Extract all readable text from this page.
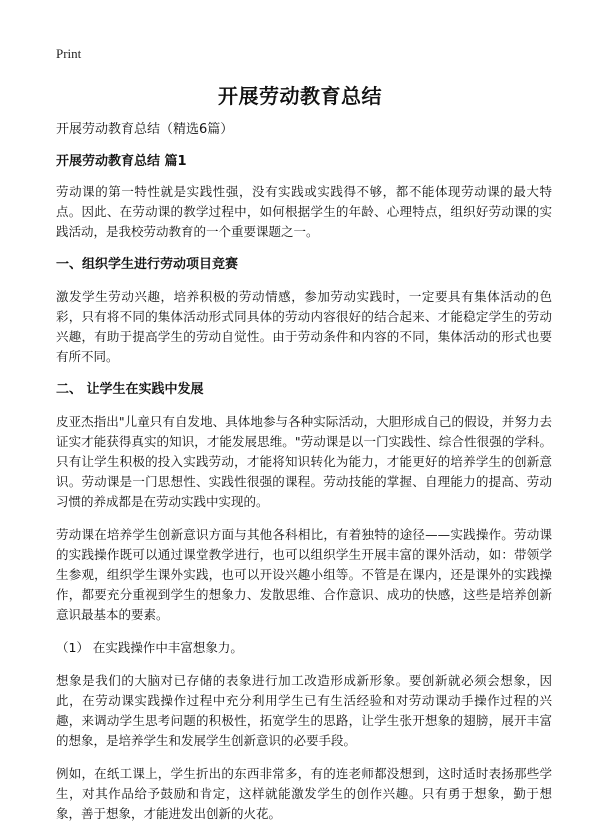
Print
开展劳动教育总结

开展劳动教育总结（精选6篇）

开展劳动教育总结 篇1

劳动课的第一特性就是实践性强，没有实践或实践得不够，都不能体现劳动课的最大特点。因此、在劳动课的教学过程中，如何根据学生的年龄、心理特点，组织好劳动课的实践活动，是我校劳动教育的一个重要课题之一。

一、组织学生进行劳动项目竞赛

激发学生劳动兴趣，培养积极的劳动情感，参加劳动实践时，一定要具有集体活动的色彩，只有将不同的集体活动形式同具体的劳动内容很好的结合起来、才能稳定学生的劳动兴趣，有助于提高学生的劳动自觉性。由于劳动条件和内容的不同，集体活动的形式也要有所不同。

二、 让学生在实践中发展

皮亚杰指出"儿童只有自发地、具体地参与各种实际活动，大胆形成自己的假设，并努力去证实才能获得真实的知识，才能发展思维。"劳动课是以一门实践性、综合性很强的学科。只有让学生积极的投入实践劳动，才能将知识转化为能力，才能更好的培养学生的创新意识。劳动课是一门思想性、实践性很强的课程。劳动技能的掌握、自理能力的提高、劳动习惯的养成都是在劳动实践中实现的。

劳动课在培养学生创新意识方面与其他各科相比，有着独特的途径——实践操作。劳动课的实践操作既可以通过课堂教学进行，也可以组织学生开展丰富的课外活动，如：带领学生参观，组织学生课外实践，也可以开设兴趣小组等。不管是在课内，还是课外的实践操作，都要充分重视到学生的想象力、发散思维、合作意识、成功的快感，这些是培养创新意识最基本的要素。

（1） 在实践操作中丰富想象力。

想象是我们的大脑对已存储的表象进行加工改造形成新形象。要创新就必须会想象，因此，在劳动课实践操作过程中充分利用学生已有生活经验和对劳动课动手操作过程的兴趣，来调动学生思考问题的积极性，拓宽学生的思路，让学生张开想象的翅膀，展开丰富的想象，是培养学生和发展学生创新意识的必要手段。

例如，在纸工课上，学生折出的东西非常多，有的连老师都没想到，这时适时表扬那些学生，对其作品给予鼓励和肯定，这样就能激发学生的创作兴趣。只有勇于想象，勤于想象，善于想象，才能进发出创新的火花。
